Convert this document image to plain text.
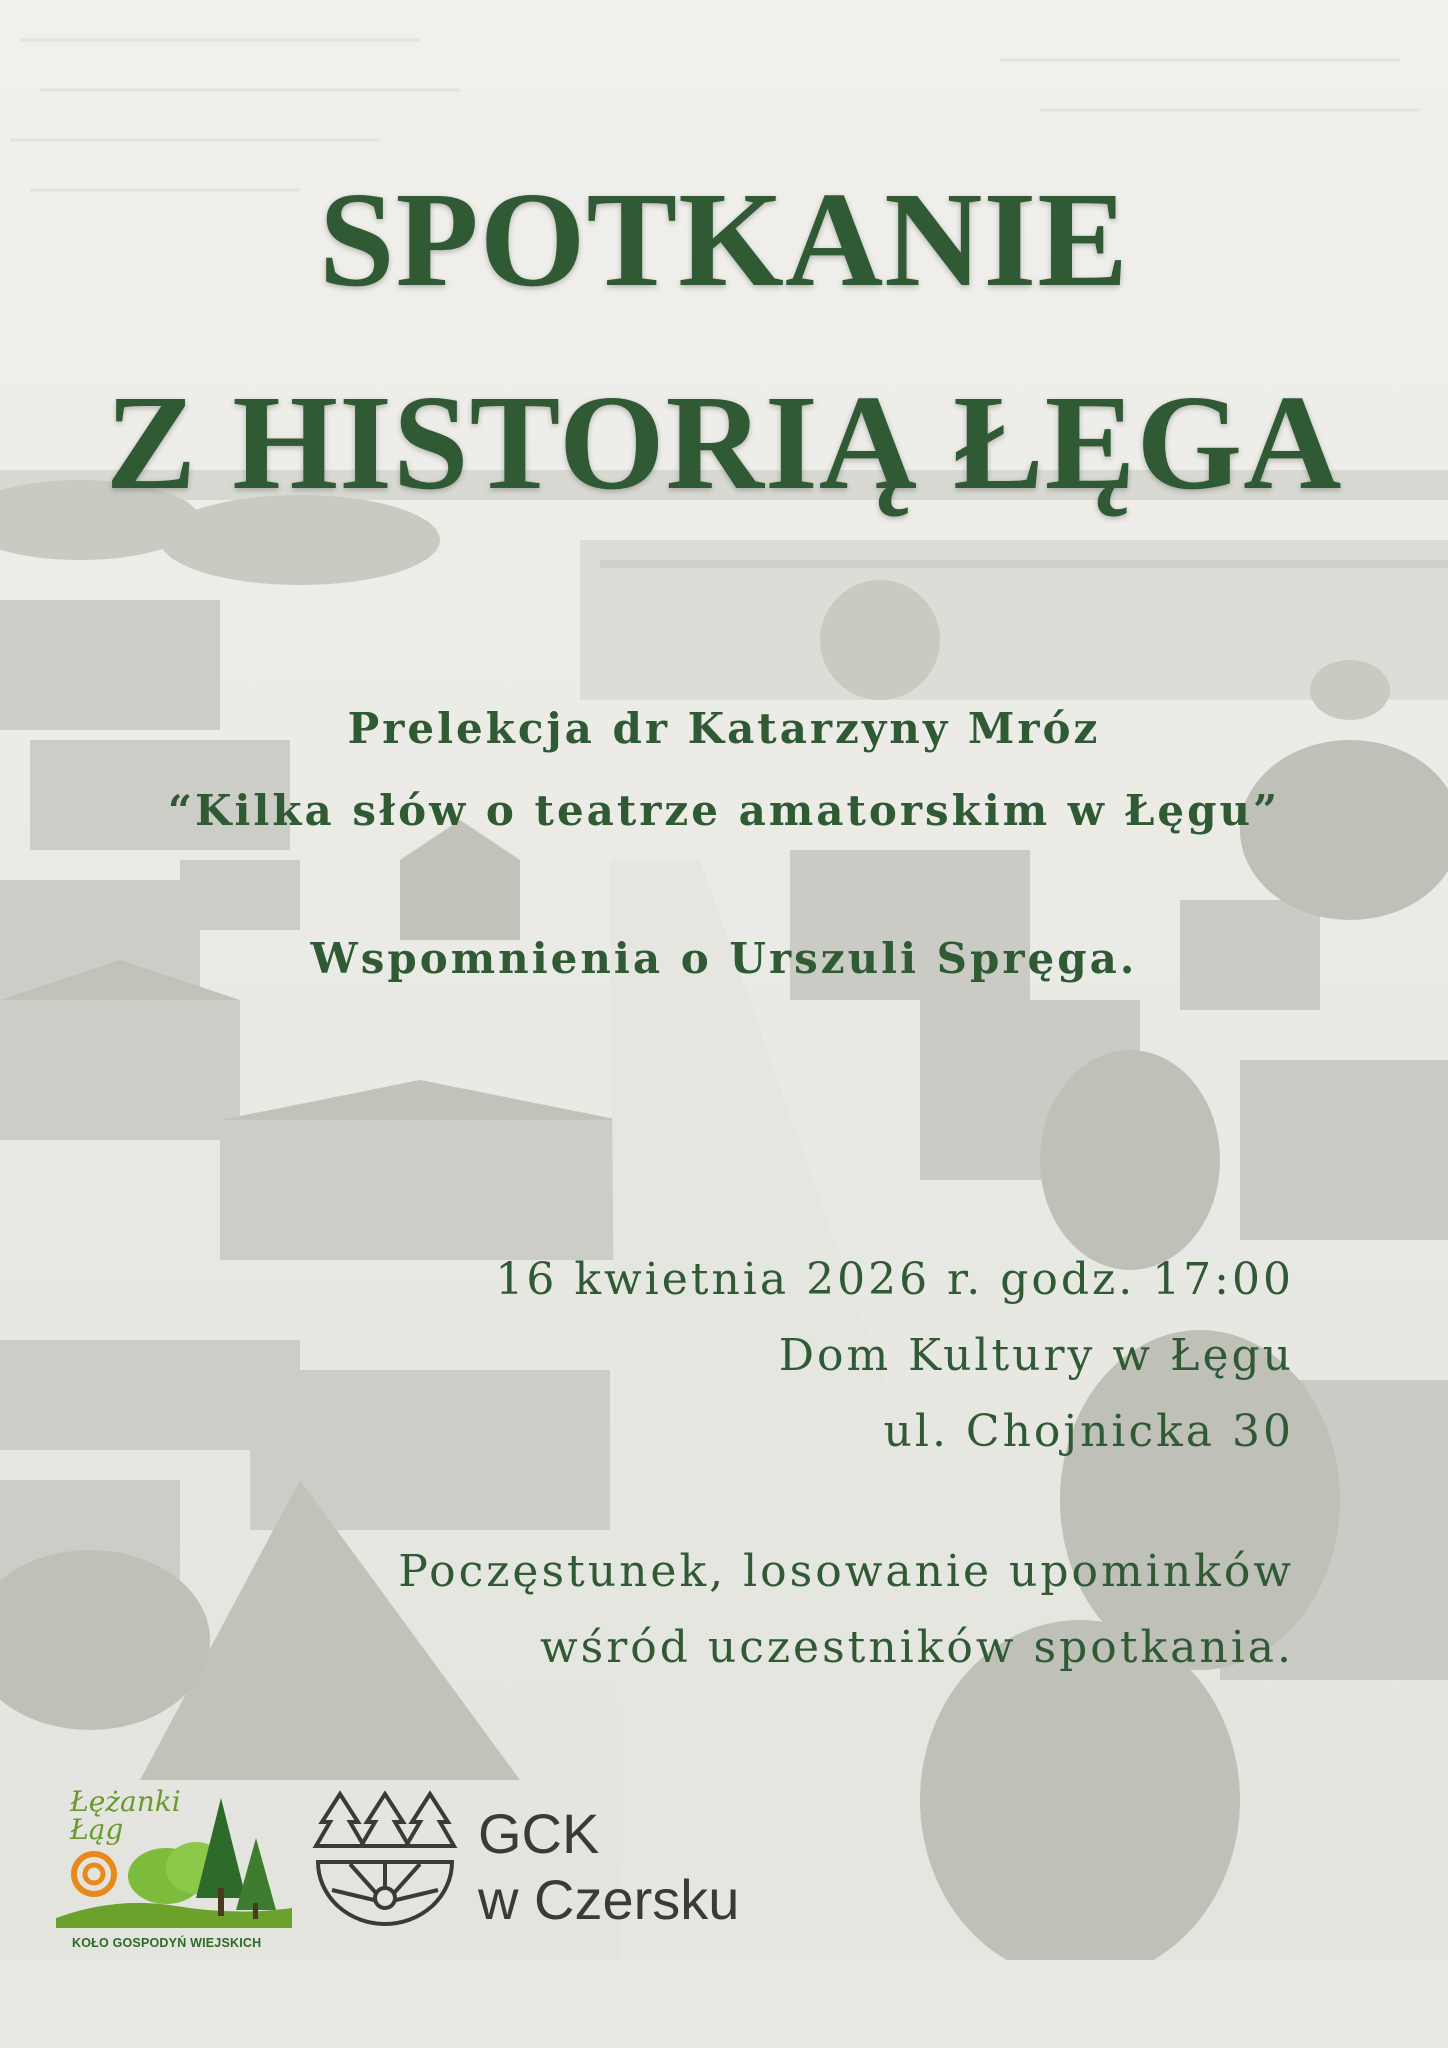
SPOTKANIE
Z HISTORIĄ ŁĘGA

Prelekcja dr Katarzyny Mróz

“Kilka słów o teatrze amatorskim w Łęgu”

Wspomnienia o Urszuli Spręga.

16 kwietnia 2026 r. godz. 17:00

Dom Kultury w Łęgu

ul. Chojnicka 30

Poczęstunek, losowanie upominków

wśród uczestników spotkania.

Łężanki

Łąg

KOŁO GOSPODYŃ WIEJSKICH

GCK

w Czersku
